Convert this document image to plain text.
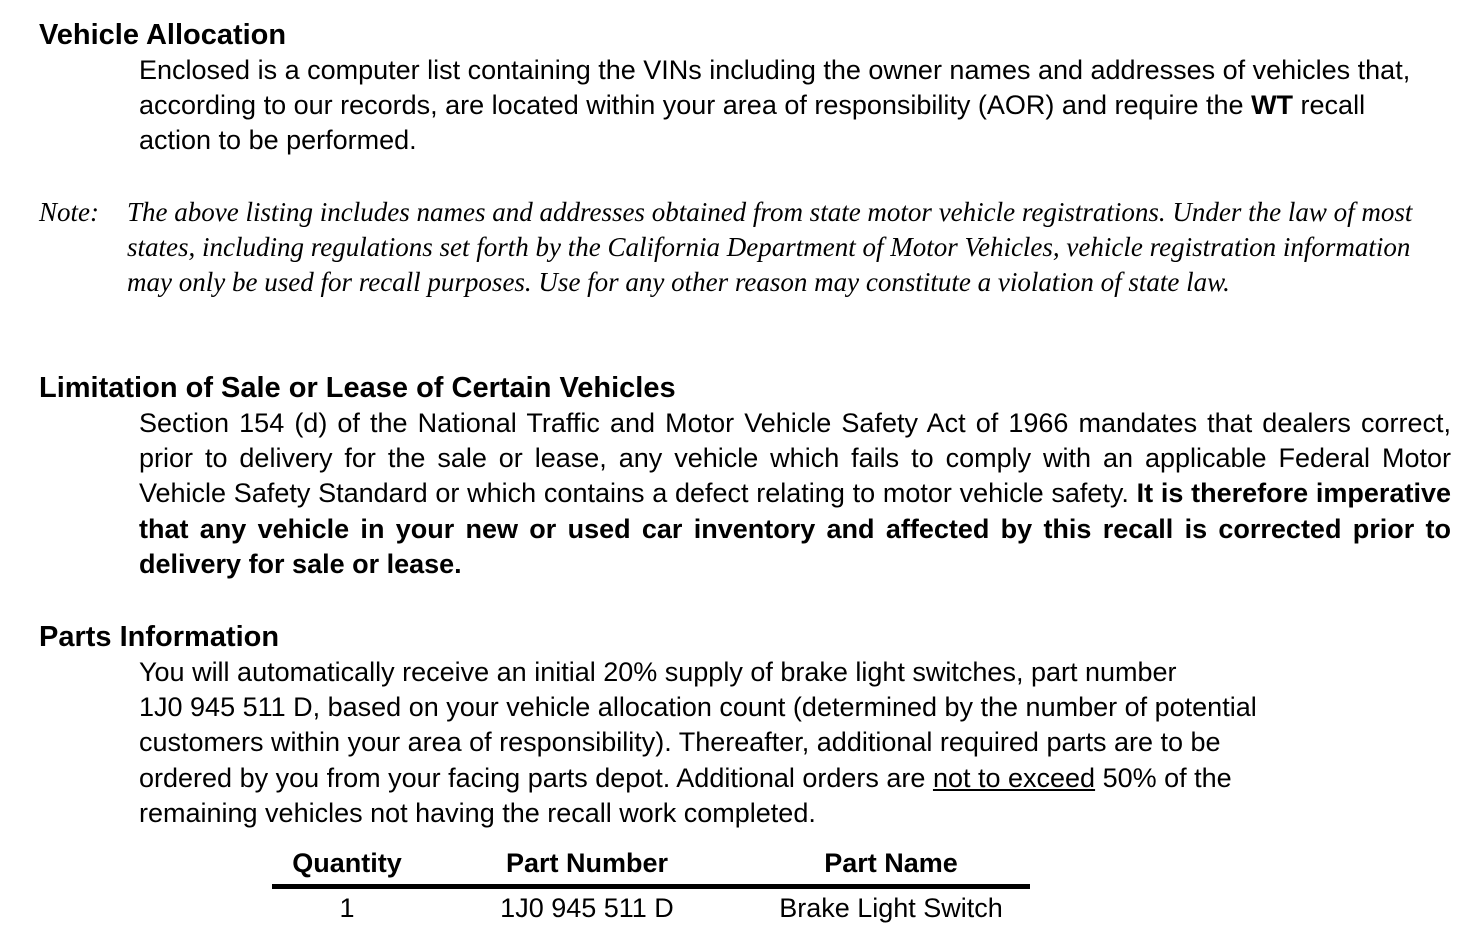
Vehicle Allocation

Enclosed is a computer list containing the VINs including the owner names and addresses of vehicles that, according to our records, are located within your area of responsibility (AOR) and require the WT recall action to be performed.

Note: The above listing includes names and addresses obtained from state motor vehicle registrations. Under the law of most states, including regulations set forth by the California Department of Motor Vehicles, vehicle registration information may only be used for recall purposes. Use for any other reason may constitute a violation of state law.
Limitation of Sale or Lease of Certain Vehicles

Section 154 (d) of the National Traffic and Motor Vehicle Safety Act of 1966 mandates that dealers correct, prior to delivery for the sale or lease, any vehicle which fails to comply with an applicable Federal Motor Vehicle Safety Standard or which contains a defect relating to motor vehicle safety. It is therefore imperative that any vehicle in your new or used car inventory and affected by this recall is corrected prior to delivery for sale or lease.

Parts Information
You will automatically receive an initial 20% supply of brake light switches, part number
1J0 945 511 D, based on your vehicle allocation count (determined by the number of potential
customers within your area of responsibility). Thereafter, additional required parts are to be
ordered by you from your facing parts depot. Additional orders are not to exceed 50% of the
remaining vehicles not having the recall work completed.
Quantity	Part Number	Part Name
1	1J0 945 511 D	Brake Light Switch
